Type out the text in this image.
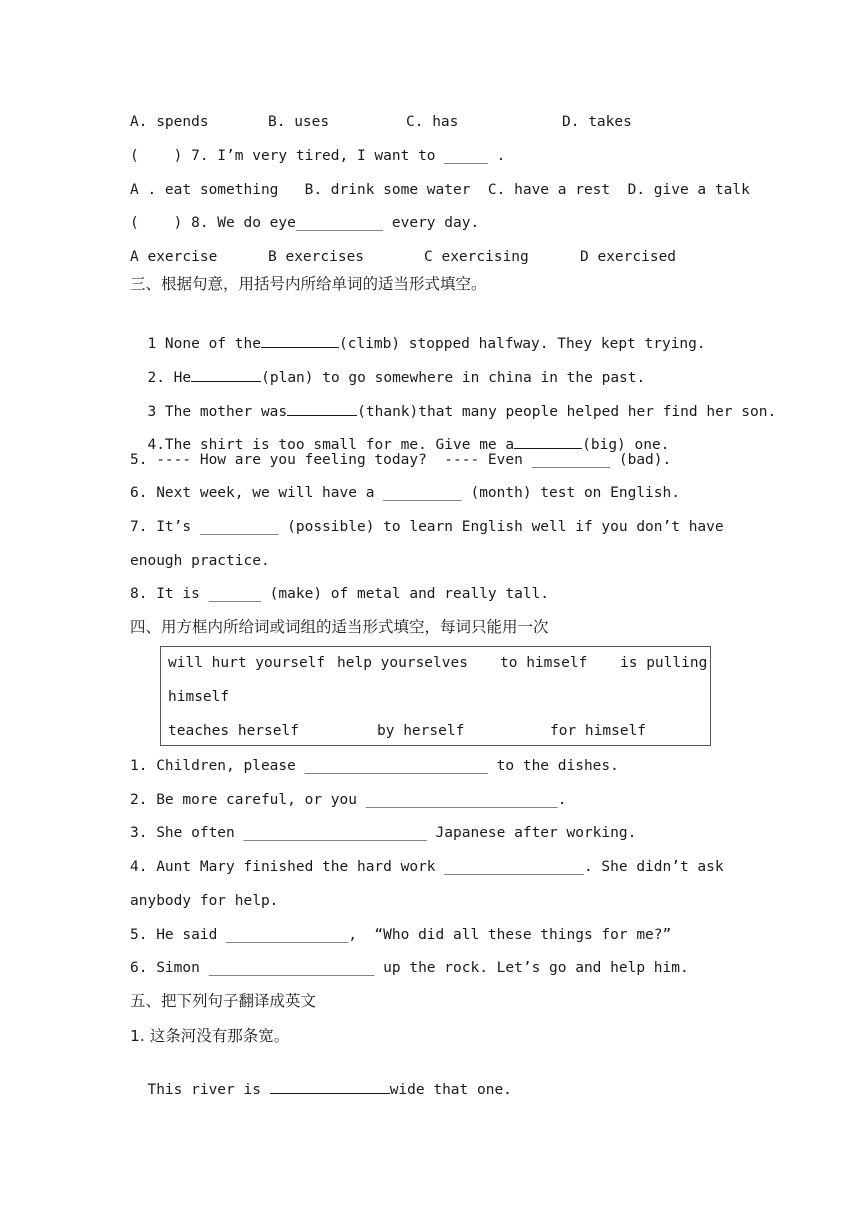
A. spends	B. uses	C. has	D. takes
(    ) 7. I’m very tired, I want to _____ .
A . eat something   B. drink some water  C. have a rest  D. give a talk
(    ) 8. We do eye__________ every day.
A exercise	B exercises	C exercising	D exercised
三、根据句意，用括号内所给单词的适当形式填空。

1 None of the	(climb) stopped halfway. They kept trying.

2. He	(plan) to go somewhere in china in the past.

3 The mother was	(thank)that many people helped her find her son.

4.The shirt is too small for me. Give me a	(big) one.

5. ---- How are you feeling today?  ---- Even _________ (bad).
6. Next week, we will have a _________ (month) test on English.
7. It’s _________ (possible) to learn English well if you don’t have
enough practice.
8. It is ______ (make) of metal and really tall.
四、用方框内所给词或词组的适当形式填空，每词只能用一次
will hurt yourself help yourselves to himself is pulling
himself
teaches herself	by herself	for himself
1. Children, please _____________________ to the dishes.
2. Be more careful, or you ______________________.
3. She often _____________________ Japanese after working.
4. Aunt Mary finished the hard work ________________. She didn’t ask
anybody for help.
5. He said ______________,  “Who did all these things for me?”
6. Simon ___________________ up the rock. Let’s go and help him.
五、把下列句子翻译成英文
1. 这条河没有那条宽。

This river is	wide that one.
